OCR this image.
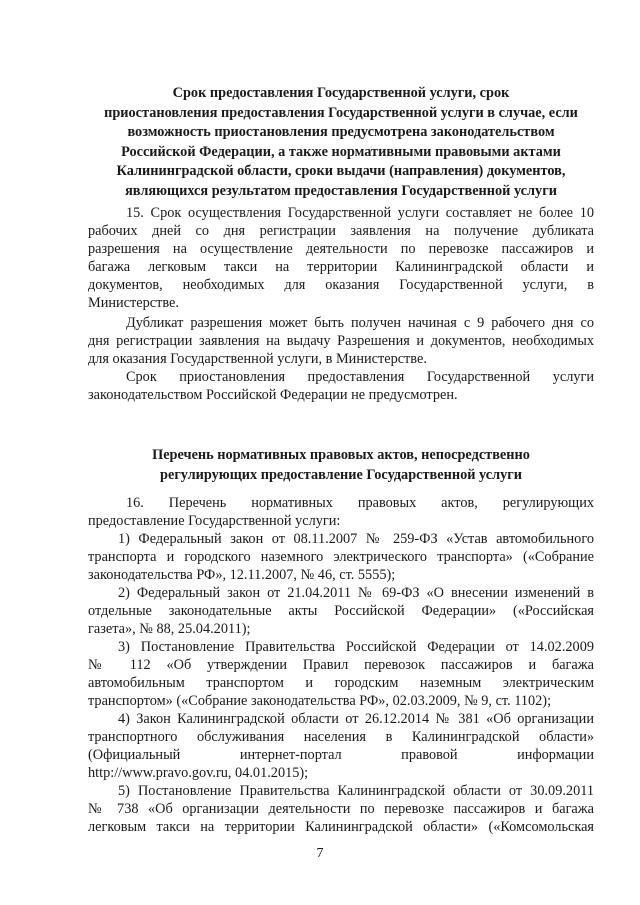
Срок предоставления Государственной услуги, срок
приостановления предоставления Государственной услуги в случае, если
возможность приостановления предусмотрена законодательством
Российской Федерации, а также нормативными правовыми актами
Калининградской области, сроки выдачи (направления) документов,
являющихся результатом предоставления Государственной услуги
15. Срок осуществления Государственной услуги составляет не более 10
рабочих дней со дня регистрации заявления на получение дубликата
разрешения на осуществление деятельности по перевозке пассажиров и
багажа легковым такси на территории Калининградской области и
документов, необходимых для оказания Государственной услуги, в
Министерстве.
Дубликат разрешения может быть получен начиная с 9 рабочего дня со
дня регистрации заявления на выдачу Разрешения и документов, необходимых
для оказания Государственной услуги, в Министерстве.
Срок приостановления предоставления Государственной услуги
законодательством Российской Федерации не предусмотрен.
Перечень нормативных правовых актов, непосредственно
регулирующих предоставление Государственной услуги
16. Перечень нормативных правовых актов, регулирующих
предоставление Государственной услуги:
1) Федеральный закон от 08.11.2007 № 259-ФЗ «Устав автомобильного
транспорта и городского наземного электрического транспорта» («Собрание
законодательства РФ», 12.11.2007, № 46, ст. 5555);
2) Федеральный закон от 21.04.2011 № 69-ФЗ «О внесении изменений в
отдельные законодательные акты Российской Федерации» («Российская
газета», № 88, 25.04.2011);
3) Постановление Правительства Российской Федерации от 14.02.2009
№ 112 «Об утверждении Правил перевозок пассажиров и багажа
автомобильным транспортом и городским наземным электрическим
транспортом» («Собрание законодательства РФ», 02.03.2009, № 9, ст. 1102);
4) Закон Калининградской области от 26.12.2014 № 381 «Об организации
транспортного обслуживания населения в Калининградской области»
(Официальный интернет-портал правовой информации
http://www.pravo.gov.ru, 04.01.2015);
5) Постановление Правительства Калининградской области от 30.09.2011
№ 738 «Об организации деятельности по перевозке пассажиров и багажа
легковым такси на территории Калининградской области» («Комсомольская
7
